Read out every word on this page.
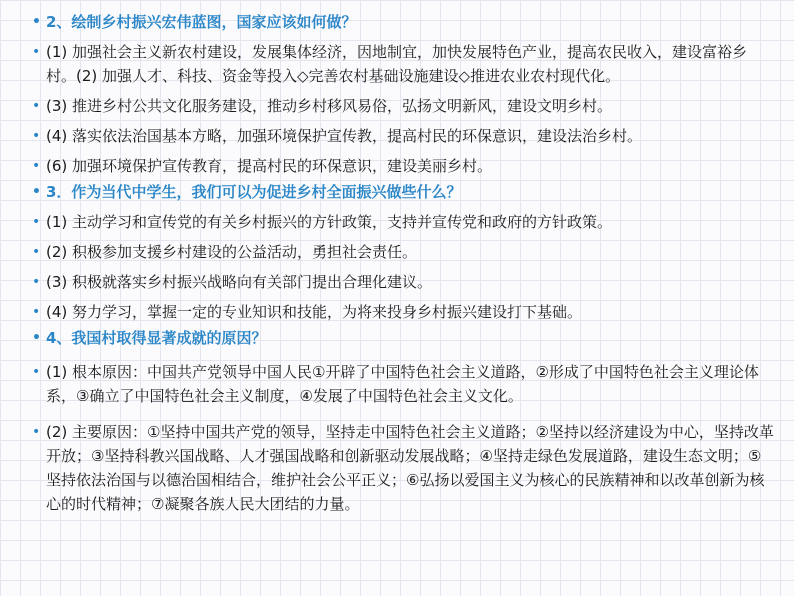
• 2、绘制乡村振兴宏伟蓝图，国家应该如何做？
• (1) 加强社会主义新农村建设，发展集体经济，因地制宜，加快发展特色产业，提高农民收入，建设富裕乡村。(2) 加强人才、科技、资金等投入◇完善农村基础设施建设◇推进农业农村现代化。
• (3) 推进乡村公共文化服务建设，推动乡村移风易俗，弘扬文明新风，建设文明乡村。
• (4) 落实依法治国基本方略，加强环境保护宣传教，提高村民的环保意识，建设法治乡村。
• (6) 加强环境保护宣传教育，提高村民的环保意识，建设美丽乡村。
• 3．作为当代中学生，我们可以为促进乡村全面振兴做些什么？
• (1) 主动学习和宣传党的有关乡村振兴的方针政策，支持并宣传党和政府的方针政策。
• (2) 积极参加支援乡村建设的公益活动，勇担社会责任。
• (3) 积极就落实乡村振兴战略向有关部门提出合理化建议。
• (4) 努力学习，掌握一定的专业知识和技能，为将来投身乡村振兴建设打下基础。
• 4、我国村取得显著成就的原因？
• (1) 根本原因：中国共产党领导中国人民①开辟了中国特色社会主义道路，②形成了中国特色社会主义理论体系，③确立了中国特色社会主义制度，④发展了中国特色社会主义文化。
• (2) 主要原因：①坚持中国共产党的领导，坚持走中国特色社会主义道路；②坚持以经济建设为中心，坚持改革开放；③坚持科教兴国战略、人才强国战略和创新驱动发展战略；④坚持走绿色发展道路，建设生态文明；⑤坚持依法治国与以德治国相结合，维护社会公平正义；⑥弘扬以爱国主义为核心的民族精神和以改革创新为核心的时代精神；⑦凝聚各族人民大团结的力量。
